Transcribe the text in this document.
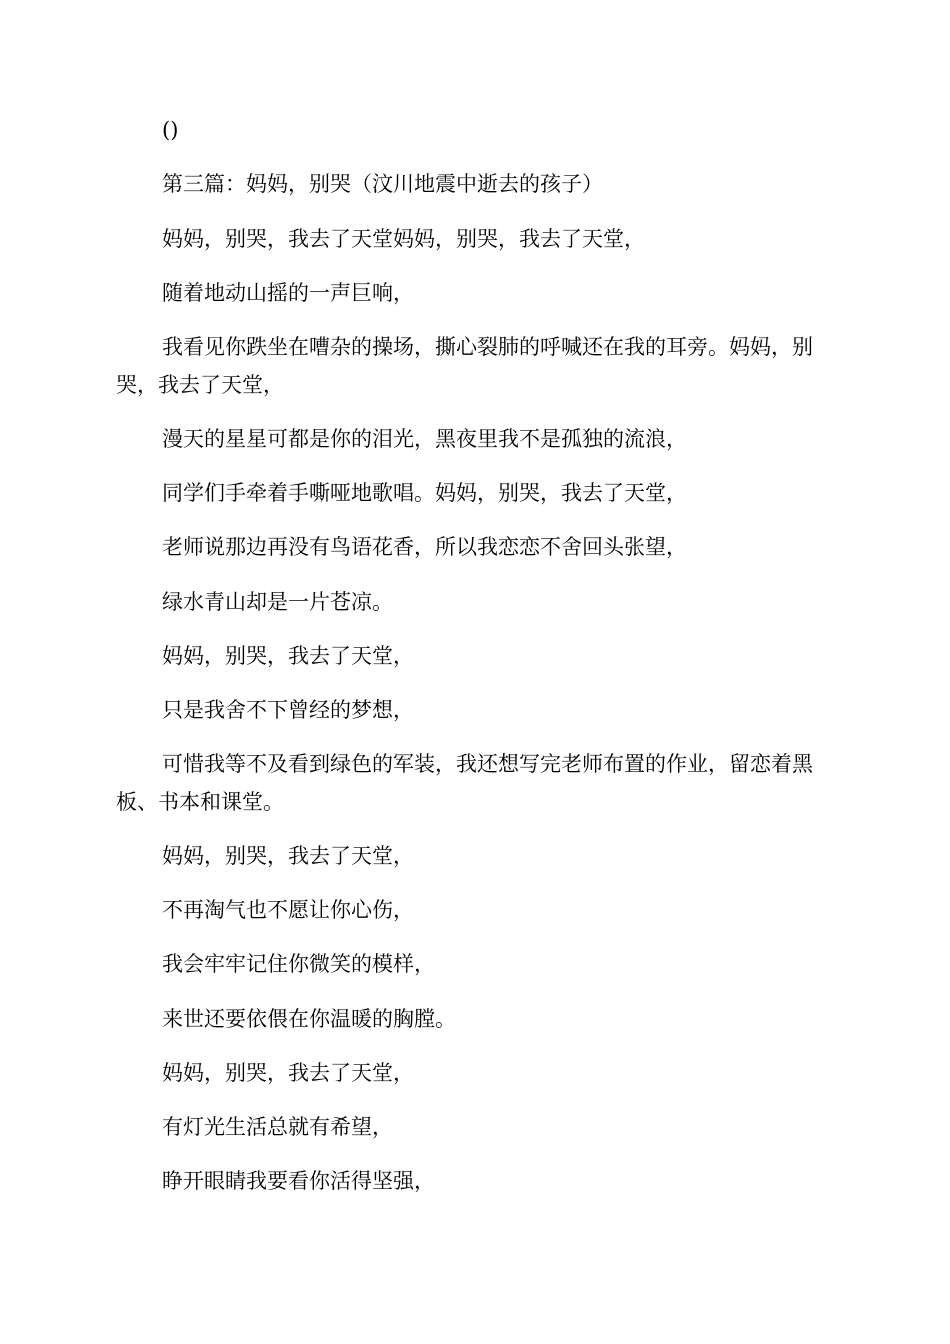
()

第三篇：妈妈，别哭（汶川地震中逝去的孩子）

妈妈，别哭，我去了天堂妈妈，别哭，我去了天堂，

随着地动山摇的一声巨响，

我看见你跌坐在嘈杂的操场，撕心裂肺的呼喊还在我的耳旁。妈妈，别哭，我去了天堂，

漫天的星星可都是你的泪光，黑夜里我不是孤独的流浪，

同学们手牵着手嘶哑地歌唱。妈妈，别哭，我去了天堂，

老师说那边再没有鸟语花香，所以我恋恋不舍回头张望，

绿水青山却是一片苍凉。

妈妈，别哭，我去了天堂，

只是我舍不下曾经的梦想，

可惜我等不及看到绿色的军装，我还想写完老师布置的作业，留恋着黑板、书本和课堂。

妈妈，别哭，我去了天堂，

不再淘气也不愿让你心伤，

我会牢牢记住你微笑的模样，

来世还要依偎在你温暖的胸膛。

妈妈，别哭，我去了天堂，

有灯光生活总就有希望，

睁开眼睛我要看你活得坚强，
